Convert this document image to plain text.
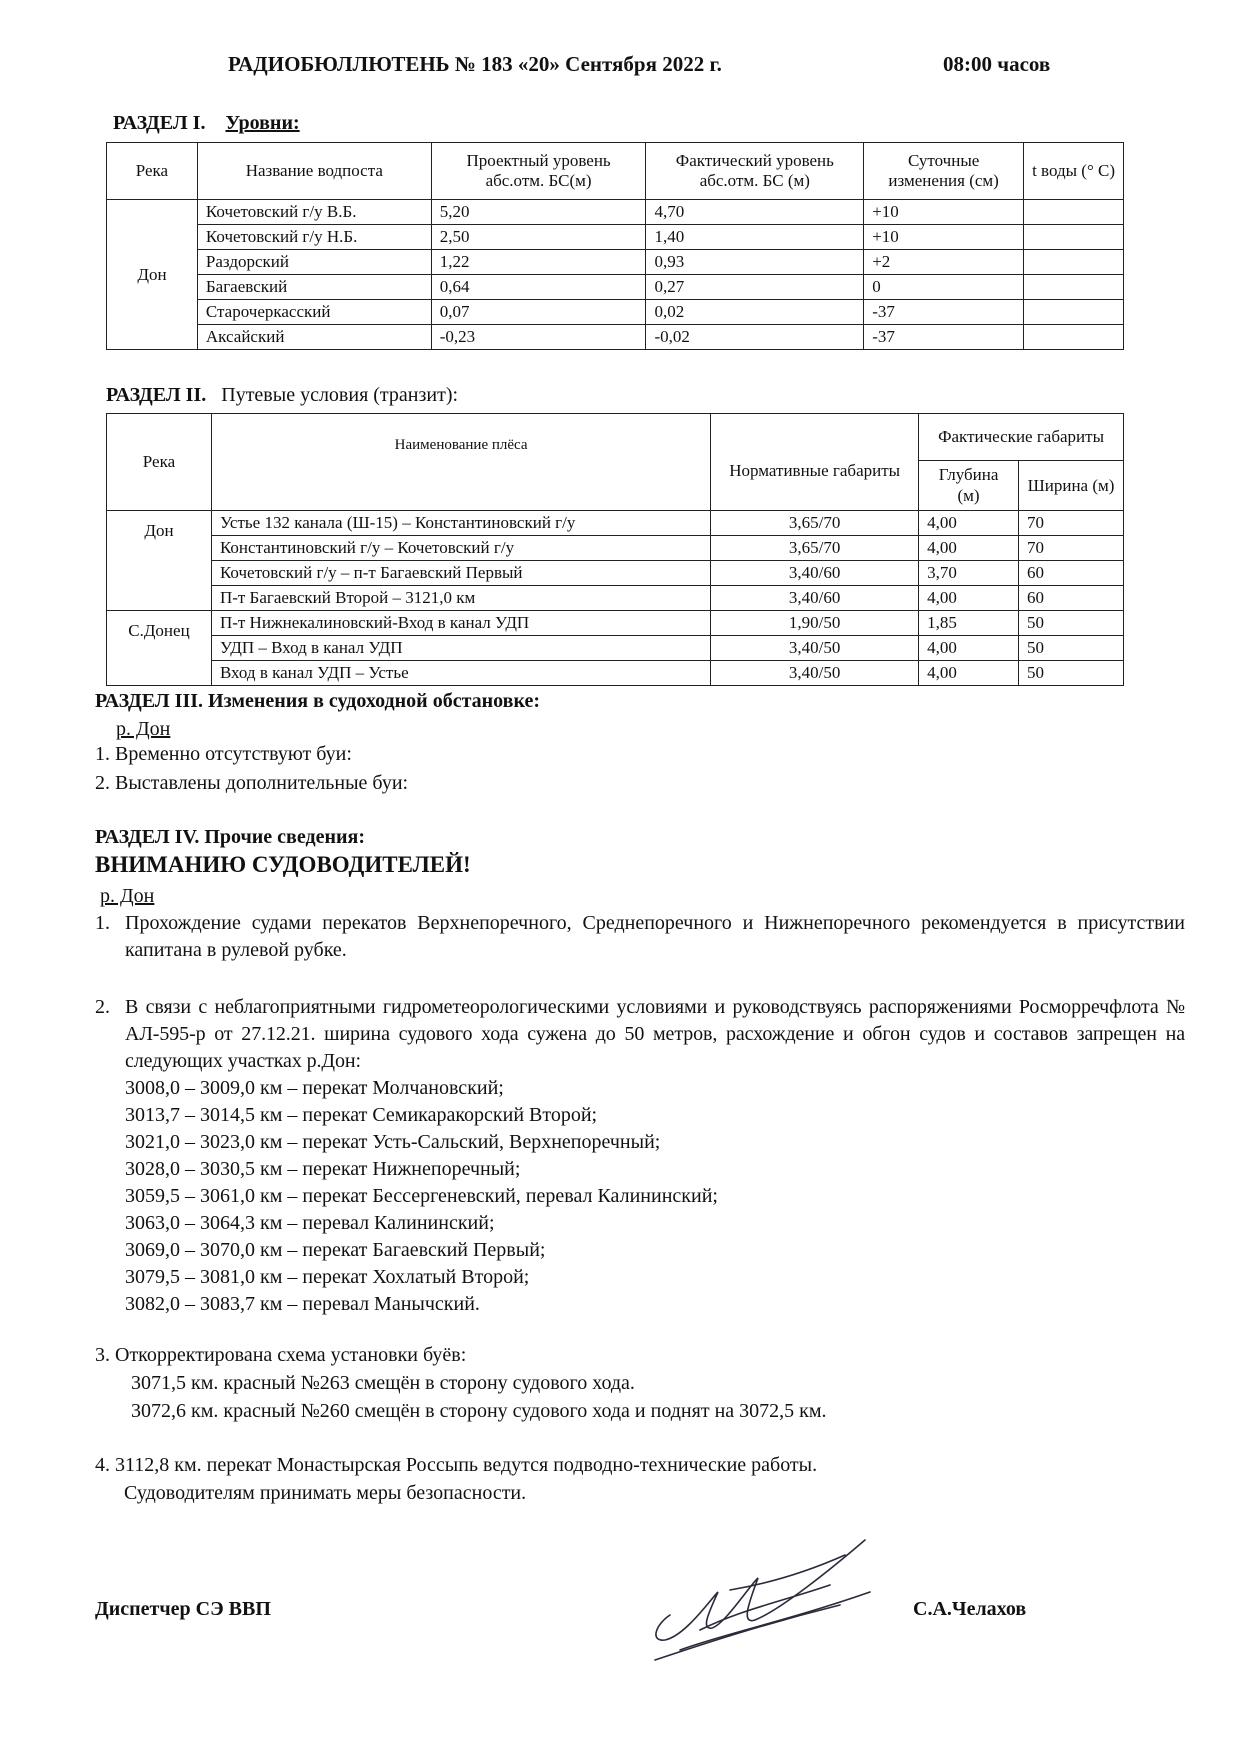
РАДИОБЮЛЛЮТЕНЬ № 183 «20» Сентября 2022 г.	08:00 часов
РАЗДЕЛ I. Уровни:
Река	Название водпоста	Проектный уровень абс.отм. БС(м)	Фактический уровень абс.отм. БС (м)	Суточные изменения (см)	t воды (° C)
Дон	Кочетовский г/у В.Б.	5,20	4,70	+10	
	Кочетовский г/у Н.Б.	2,50	1,40	+10	
	Раздорский	1,22	0,93	+2	
	Багаевский	0,64	0,27	0	
	Старочеркасский	0,07	0,02	-37	
	Аксайский	-0,23	-0,02	-37	
РАЗДЕЛ II. Путевые условия (транзит):
Река	Наименование плёса	Нормативные габариты	Фактические габариты	
			Глубина (м)	Ширина (м)
Дон	Устье 132 канала (Ш-15) – Константиновский г/у	3,65/70	4,00	70
	Константиновский г/у – Кочетовский г/у	3,65/70	4,00	70
	Кочетовский г/у – п-т Багаевский Первый	3,40/60	3,70	60
	П-т Багаевский Второй – 3121,0 км	3,40/60	4,00	60
С.Донец	П-т Нижнекалиновский-Вход в канал УДП	1,90/50	1,85	50
	УДП – Вход в канал УДП	3,40/50	4,00	50
	Вход в канал УДП – Устье	3,40/50	4,00	50
РАЗДЕЛ III. Изменения в судоходной обстановке:
р. Дон
1. Временно отсутствуют буи:
2. Выставлены дополнительные буи:
РАЗДЕЛ IV. Прочие сведения:
ВНИМАНИЮ СУДОВОДИТЕЛЕЙ!
р. Дон
1. Прохождение судами перекатов Верхнепоречного, Среднепоречного и Нижнепоречного рекомендуется в присутствии капитана в рулевой рубке.
2. В связи с неблагоприятными гидрометеорологическими условиями и руководствуясь распоряжениями Росморречфлота № АЛ-595-р от 27.12.21. ширина судового хода сужена до 50 метров, расхождение и обгон судов и составов запрещен на следующих участках р.Дон:
3008,0 – 3009,0 км – перекат Молчановский;
3013,7 – 3014,5 км – перекат Семикаракорский Второй;
3021,0 – 3023,0 км – перекат Усть-Сальский, Верхнепоречный;
3028,0 – 3030,5 км – перекат Нижнепоречный;
3059,5 – 3061,0 км – перекат Бессергеневский, перевал Калининский;
3063,0 – 3064,3 км – перевал Калининский;
3069,0 – 3070,0 км – перекат Багаевский Первый;
3079,5 – 3081,0 км – перекат Хохлатый Второй;
3082,0 – 3083,7 км – перевал Манычский.
3. Откорректирована схема установки буёв:
3071,5 км. красный №263 смещён в сторону судового хода.
3072,6 км. красный №260 смещён в сторону судового хода и поднят на 3072,5 км.
4. 3112,8 км. перекат Монастырская Россыпь ведутся подводно-технические работы.
Судоводителям принимать меры безопасности.
Диспетчер СЭ ВВП	С.А.Челахов
